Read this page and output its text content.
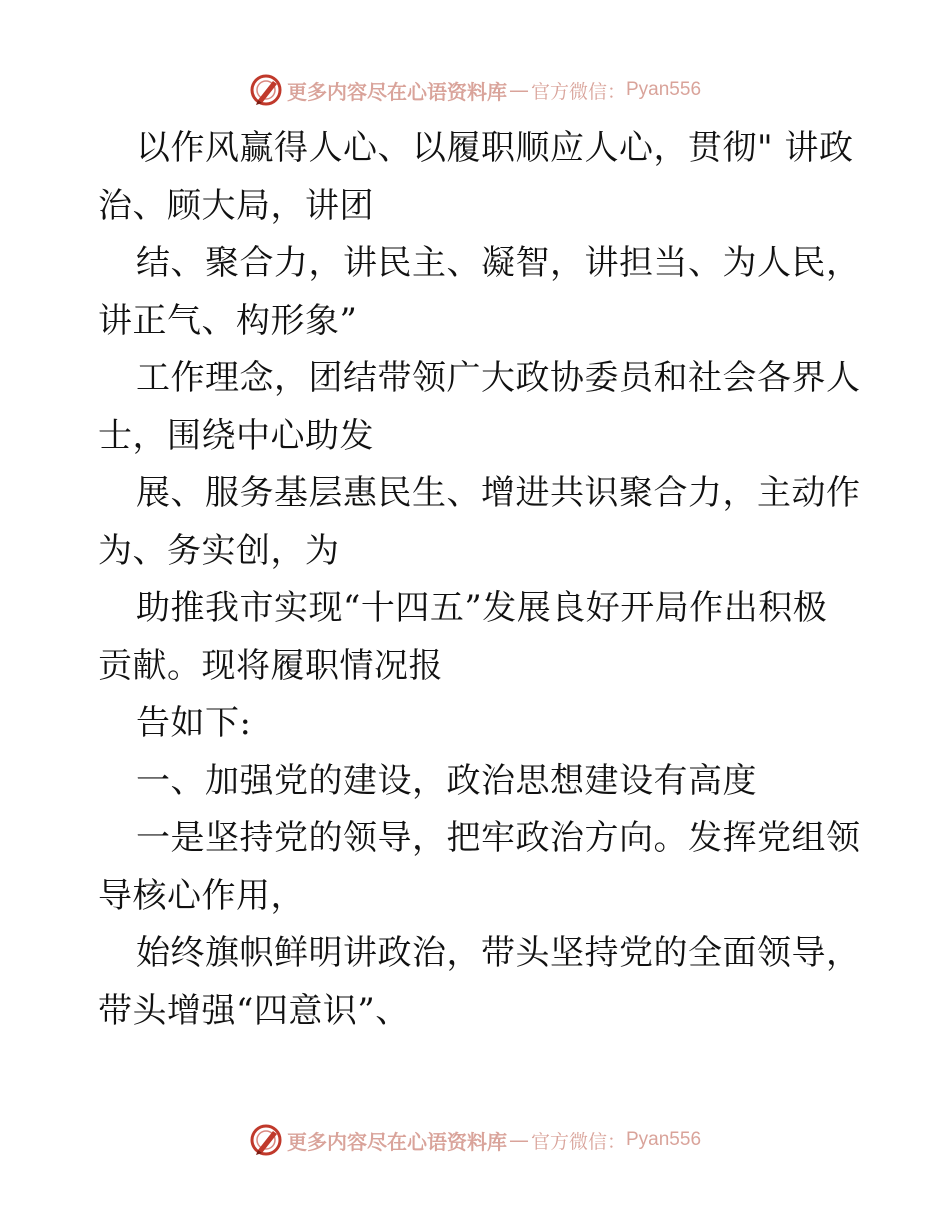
更多内容尽在心语资料库 — 官方微信： Pyan556
以作风赢得人心、以履职顺应人心，贯彻" 讲政
治、顾大局，讲团
结、聚合力，讲民主、凝智，讲担当、为人民，
讲正气、构形象”
工作理念，团结带领广大政协委员和社会各界人
士，围绕中心助发
展、服务基层惠民生、增进共识聚合力，主动作
为、务实创，为
助推我市实现“十四五”发展良好开局作出积极
贡献。现将履职情况报
告如下:
一、加强党的建设，政治思想建设有高度
一是坚持党的领导，把牢政治方向。发挥党组领
导核心作用，
始终旗帜鲜明讲政治，带头坚持党的全面领导，
带头增强“四意识”、
更多内容尽在心语资料库 — 官方微信： Pyan556
